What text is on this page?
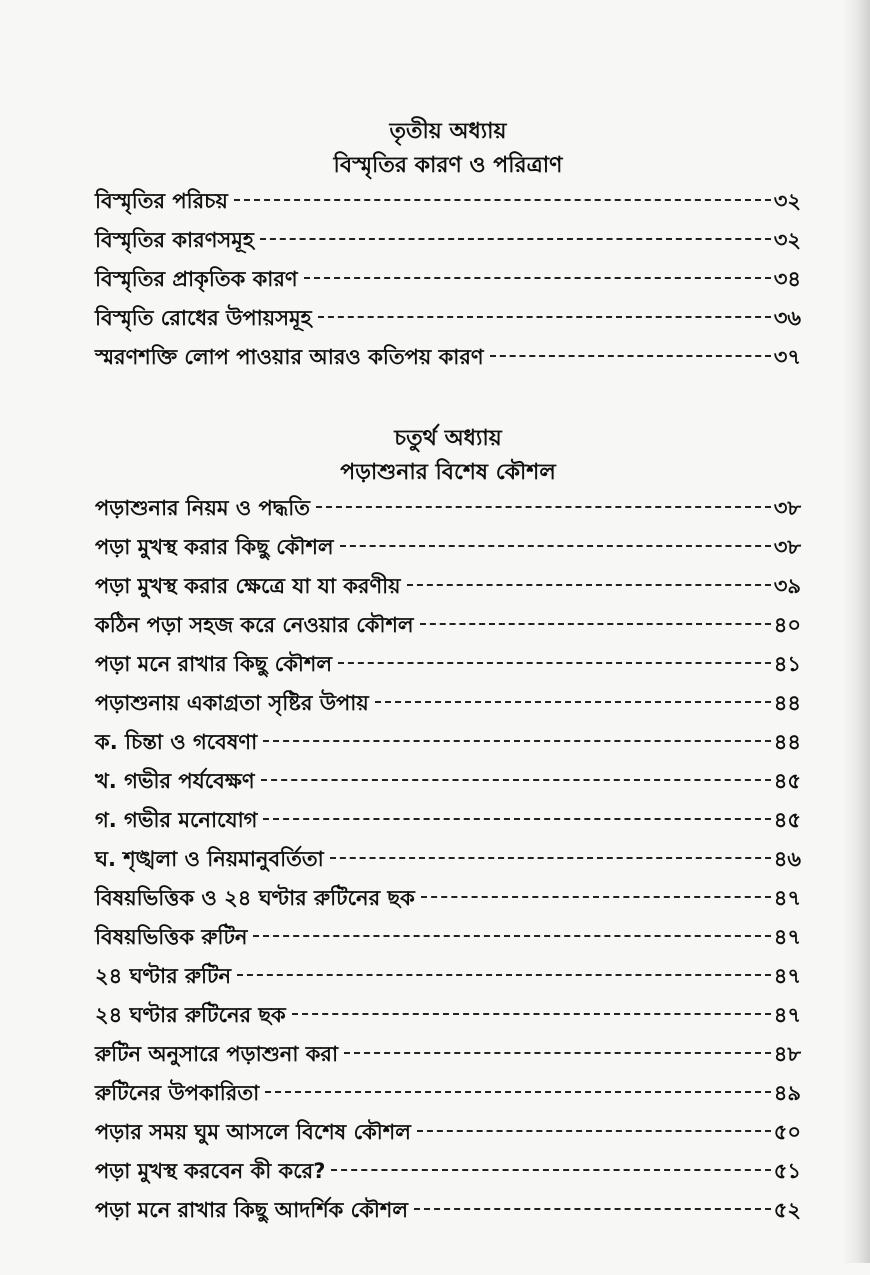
তৃতীয় অধ্যায়
বিস্মৃতির কারণ ও পরিত্রাণ
বিস্মৃতির পরিচয়	৩২
বিস্মৃতির কারণসমূহ	৩২
বিস্মৃতির প্রাকৃতিক কারণ	৩৪
বিস্মৃতি রোধের উপায়সমূহ	৩৬
স্মরণশক্তি লোপ পাওয়ার আরও কতিপয় কারণ	৩৭
চতুর্থ অধ্যায়
পড়াশুনার বিশেষ কৌশল
পড়াশুনার নিয়ম ও পদ্ধতি	৩৮
পড়া মুখস্থ করার কিছু কৌশল	৩৮
পড়া মুখস্থ করার ক্ষেত্রে যা যা করণীয়	৩৯
কঠিন পড়া সহজ করে নেওয়ার কৌশল	৪০
পড়া মনে রাখার কিছু কৌশল	৪১
পড়াশুনায় একাগ্রতা সৃষ্টির উপায়	৪৪
ক. চিন্তা ও গবেষণা	৪৪
খ. গভীর পর্যবেক্ষণ	৪৫
গ. গভীর মনোযোগ	৪৫
ঘ. শৃঙ্খলা ও নিয়মানুবর্তিতা	৪৬
বিষয়ভিত্তিক ও ২৪ ঘণ্টার রুটিনের ছক	৪৭
বিষয়ভিত্তিক রুটিন	৪৭
২৪ ঘণ্টার রুটিন	৪৭
২৪ ঘণ্টার রুটিনের ছক	৪৭
রুটিন অনুসারে পড়াশুনা করা	৪৮
রুটিনের উপকারিতা	৪৯
পড়ার সময় ঘুম আসলে বিশেষ কৌশল	৫০
পড়া মুখস্থ করবেন কী করে?	৫১
পড়া মনে রাখার কিছু আদর্শিক কৌশল	৫২
